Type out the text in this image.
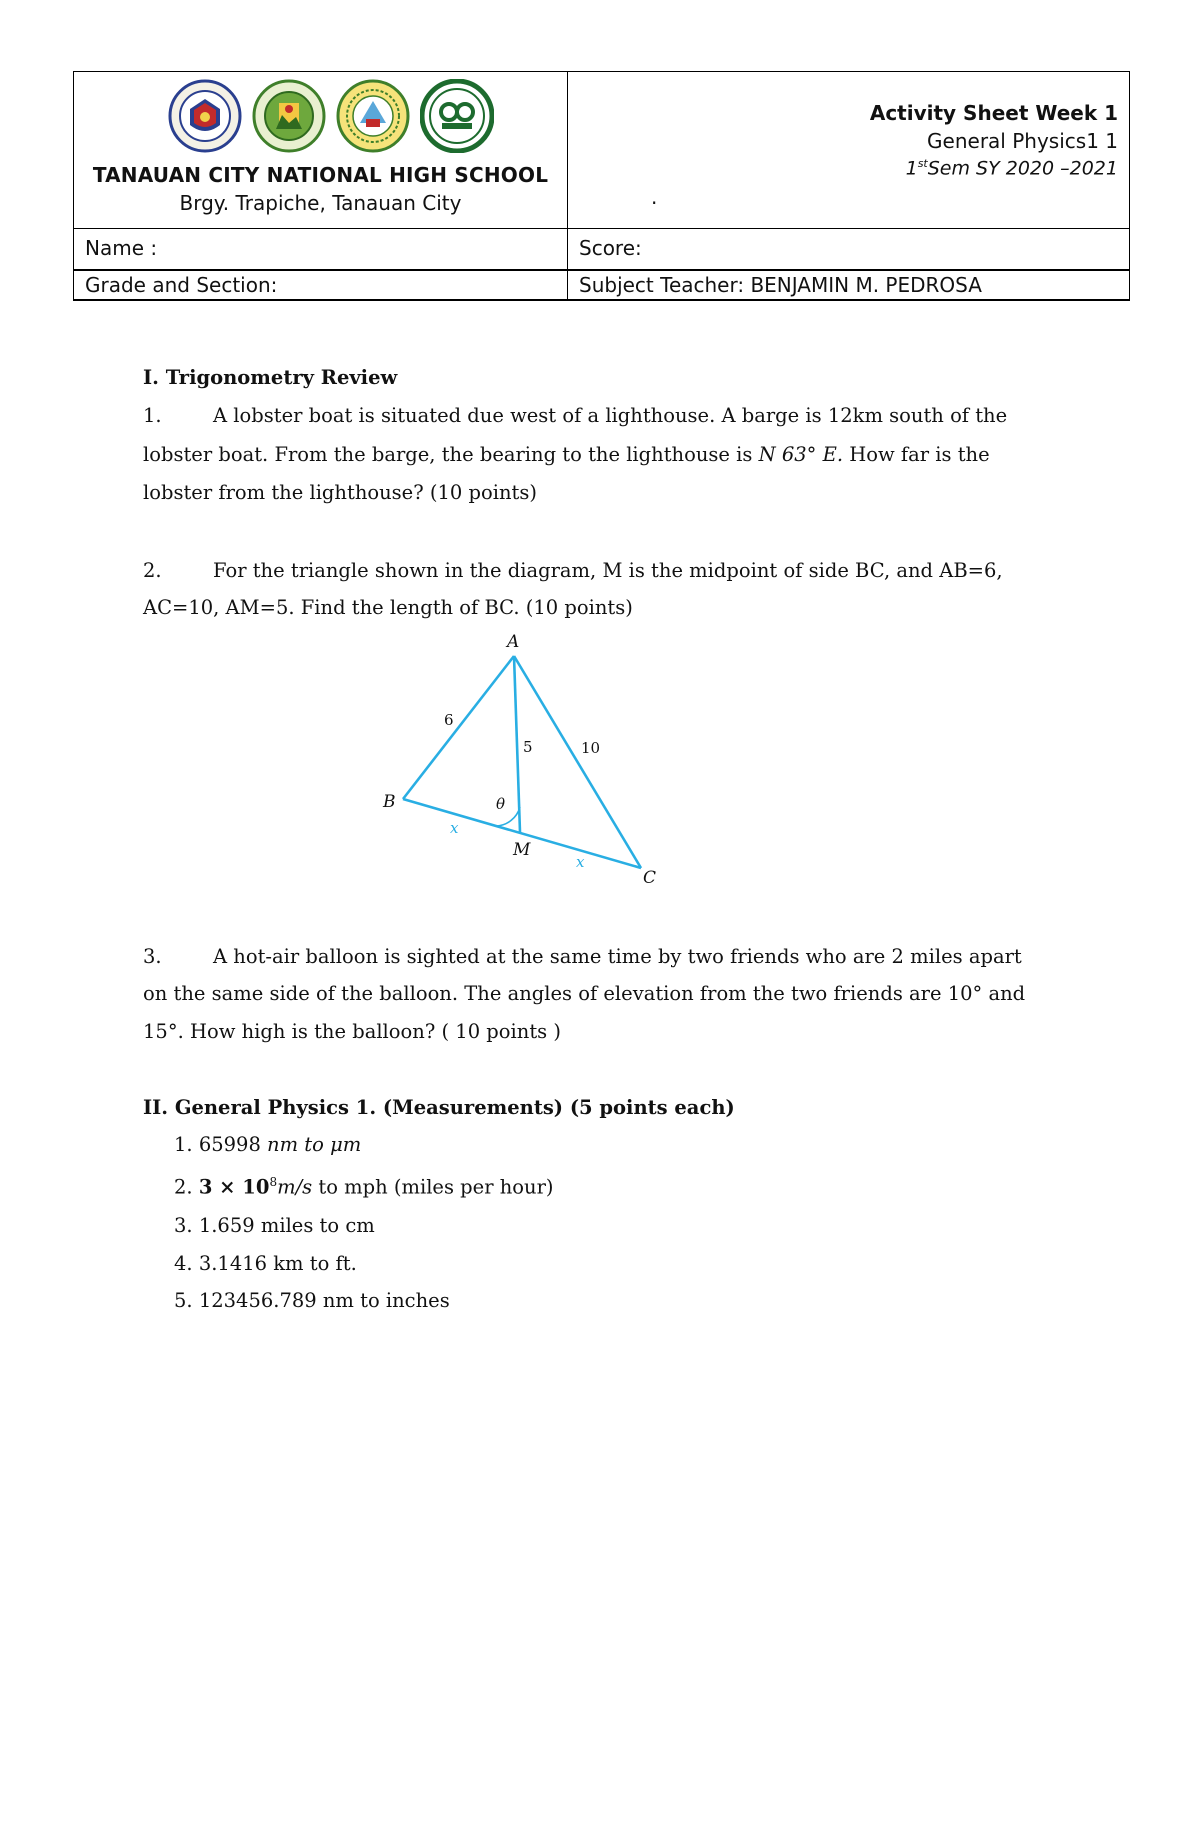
TANAUAN CITY NATIONAL HIGH SCHOOL
Brgy. Trapiche, Tanauan City
Activity Sheet Week 1
General Physics1 1
1stSem SY 2020 –2021
.
Name :	Score:
Grade and Section:	Subject Teacher: BENJAMIN M. PEDROSA
I. Trigonometry Review
1.	A lobster boat is situated due west of a lighthouse. A barge is 12km south of the
lobster boat. From the barge, the bearing to the lighthouse is N 63° E. How far is the
lobster from the lighthouse? (10 points)
2.	For the triangle shown in the diagram, M is the midpoint of side BC, and AB=6,
AC=10, AM=5. Find the length of BC. (10 points)
A
B
C
M
θ
6
5	10
x
x
3.	A hot-air balloon is sighted at the same time by two friends who are 2 miles apart
on the same side of the balloon. The angles of elevation from the two friends are 10° and
15°. How high is the balloon? ( 10 points )
II. General Physics 1. (Measurements) (5 points each)
1. 65998 nm to μm
2. $3 \times 10^8m/s$ to mph (miles per hour)
3. 1.659 miles to cm
4. 3.1416 km to ft.
5. 123456.789 nm to inches
